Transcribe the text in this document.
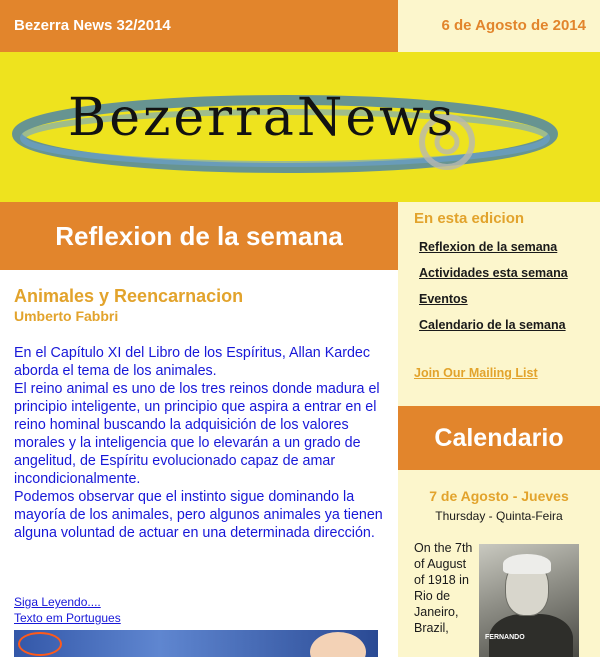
Bezerra News 32/2014	6 de Agosto de 2014
BezerraNews
Reflexion de la semana
Animales y Reencarnacion
Umberto Fabbri

En el Capítulo XI del Libro de los Espíritus, Allan Kardec aborda el tema de los animales.

El reino animal es uno de los tres reinos donde madura el principio inteligente, un principio que aspira a entrar en el reino hominal buscando la adquisición de los valores morales y la inteligencia que lo elevarán a un grado de angelitud, de Espíritu evolucionado capaz de amar incondicionalmente.

Podemos observar que el instinto sigue dominando la mayoría de los animales, pero algunos animales ya tienen alguna voluntad de actuar en una determinada dirección.

Siga Leyendo....
Texto em Portugues
En esta edicion
Reflexion de la semana
Actividades esta semana
Eventos
Calendario de la semana
Join Our Mailing List
Calendario
7 de Agosto - Jueves
Thursday - Quinta-Feira
On the 7th of August of 1918 in Rio de Janeiro, Brazil,
FERNANDO
